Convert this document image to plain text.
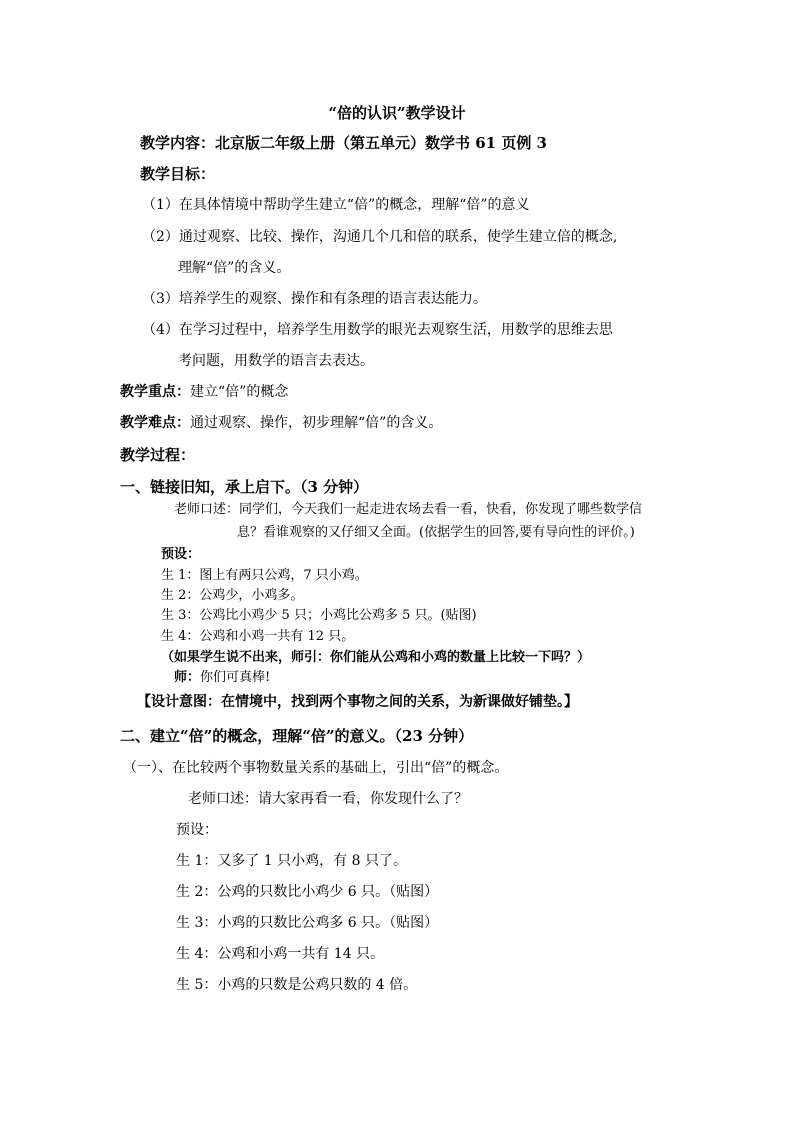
“倍的认识”教学设计
教学内容：北京版二年级上册（第五单元）数学书 61 页例 3
教学目标：
（1）在具体情境中帮助学生建立“倍”的概念，理解“倍”的意义
（2）通过观察、比较、操作，沟通几个几和倍的联系，使学生建立倍的概念,
理解“倍”的含义。
（3）培养学生的观察、操作和有条理的语言表达能力。
（4）在学习过程中，培养学生用数学的眼光去观察生活，用数学的思维去思
考问题，用数学的语言去表达。
教学重点：建立“倍”的概念
教学难点：通过观察、操作，初步理解“倍”的含义。
教学过程：
一、链接旧知，承上启下。（3 分钟）
老师口述：同学们，今天我们一起走进农场去看一看，快看，你发现了哪些数学信
息？看谁观察的又仔细又全面。(依据学生的回答,要有导向性的评价。)
预设：
生 1：图上有两只公鸡，7 只小鸡。
生 2：公鸡少，小鸡多。
生 3：公鸡比小鸡少 5 只；小鸡比公鸡多 5 只。(贴图)
生 4：公鸡和小鸡一共有 12 只。
（如果学生说不出来，师引：你们能从公鸡和小鸡的数量上比较一下吗？）
师：你们可真棒!
【设计意图：在情境中，找到两个事物之间的关系，为新课做好铺垫。】
二、建立“倍”的概念，理解“倍”的意义。（23 分钟）
（一）、在比较两个事物数量关系的基础上，引出“倍”的概念。
老师口述：请大家再看一看，你发现什么了？
预设：
生 1：又多了 1 只小鸡，有 8 只了。
生 2：公鸡的只数比小鸡少 6 只。（贴图）
生 3：小鸡的只数比公鸡多 6 只。（贴图）
生 4：公鸡和小鸡一共有 14 只。
生 5：小鸡的只数是公鸡只数的 4 倍。
